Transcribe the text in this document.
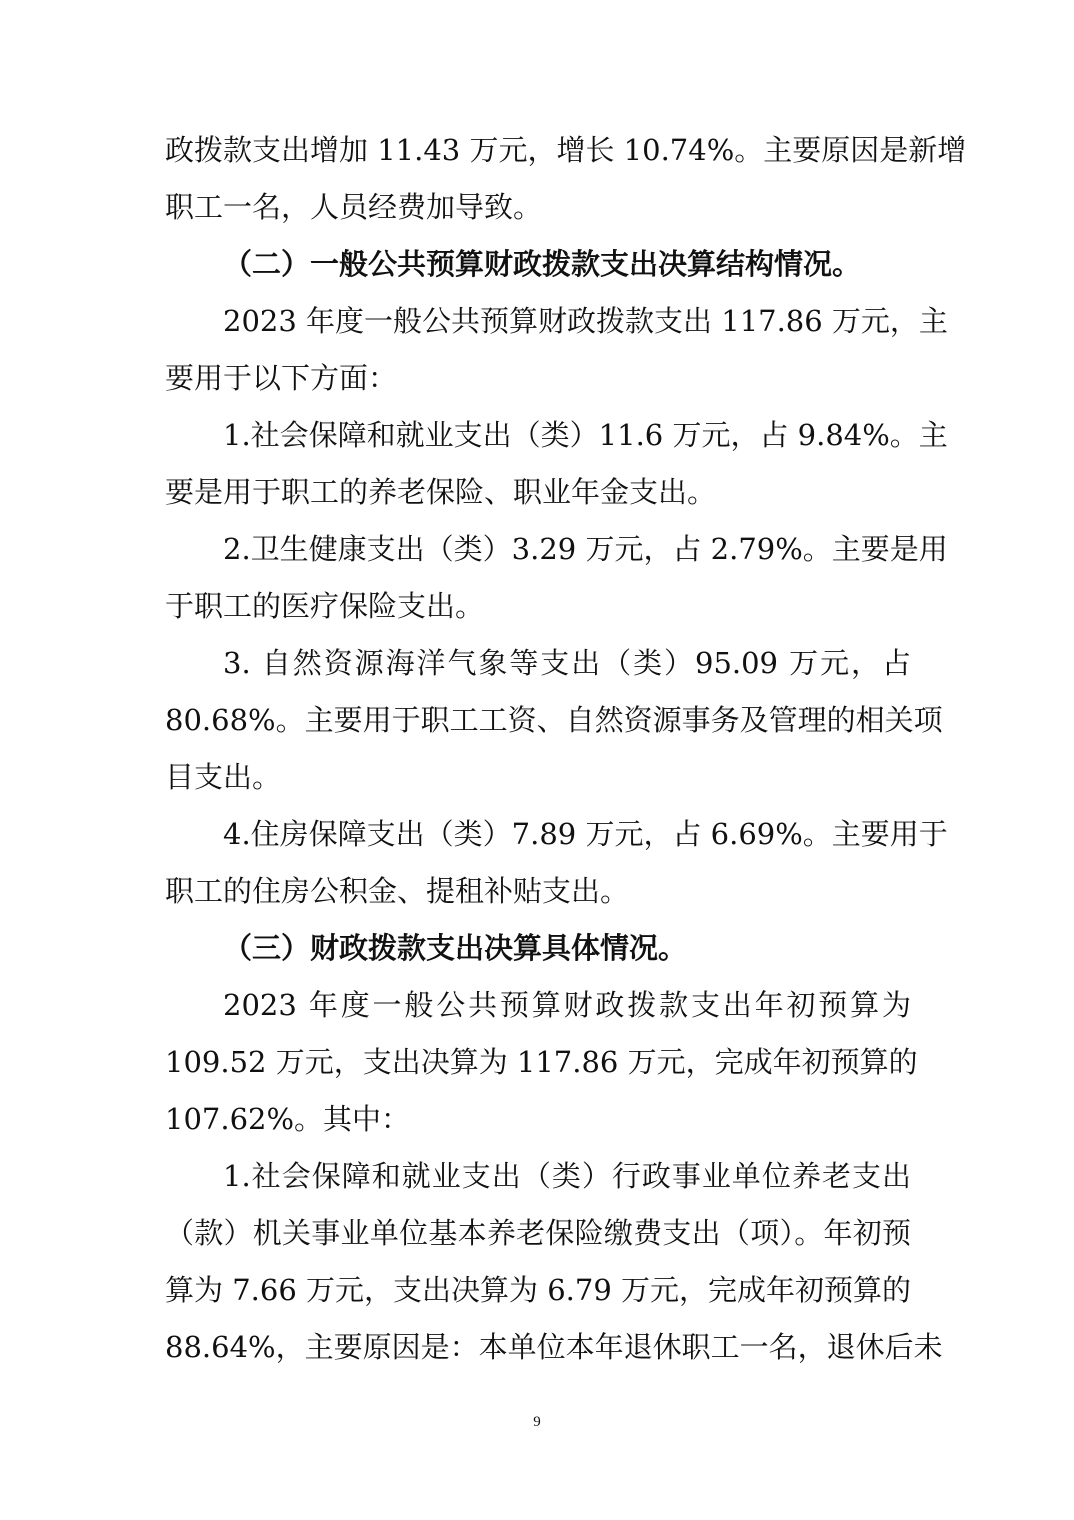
政拨款支出增加 11.43 万元，增长 10.74%。主要原因是新增
职工一名，人员经费加导致。
（二）一般公共预算财政拨款支出决算结构情况。
2023 年度一般公共预算财政拨款支出 117.86 万元，主
要用于以下方面：
1.社会保障和就业支出（类）11.6 万元，占 9.84%。主
要是用于职工的养老保险、职业年金支出。
2.卫生健康支出（类）3.29 万元，占 2.79%。主要是用
于职工的医疗保险支出。
3. 自然资源海洋气象等支出（类）95.09 万元，占
80.68%。主要用于职工工资、自然资源事务及管理的相关项
目支出。
4.住房保障支出（类）7.89 万元，占 6.69%。主要用于
职工的住房公积金、提租补贴支出。
（三）财政拨款支出决算具体情况。
2023 年度一般公共预算财政拨款支出年初预算为
109.52 万元，支出决算为 117.86 万元，完成年初预算的
107.62%。其中：
1.社会保障和就业支出（类）行政事业单位养老支出
（款）机关事业单位基本养老保险缴费支出（项）。年初预
算为 7.66 万元，支出决算为 6.79 万元，完成年初预算的
88.64%，主要原因是：本单位本年退休职工一名，退休后未
9
